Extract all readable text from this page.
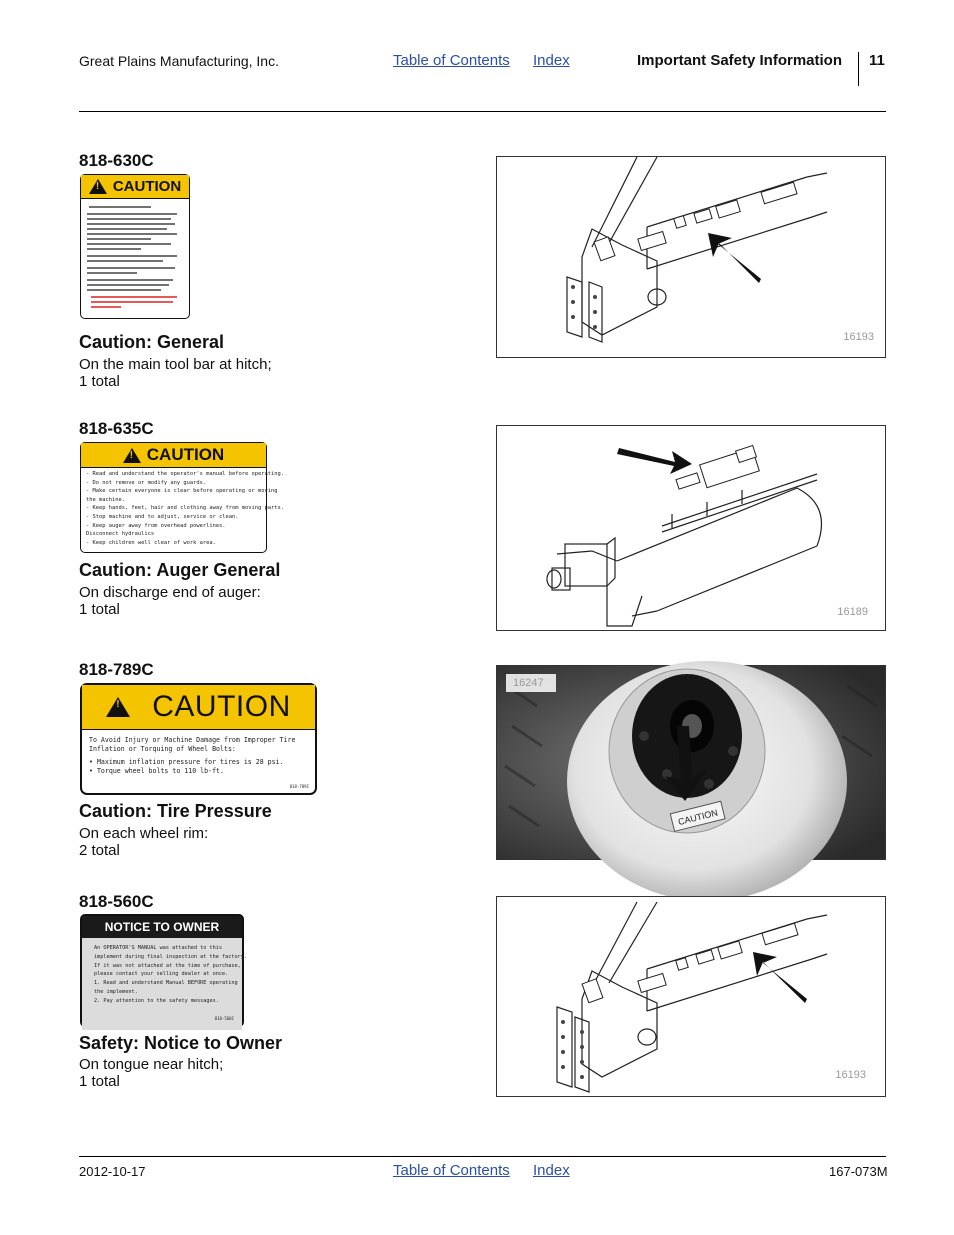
Great Plains Manufacturing, Inc.	Table of Contents Index	Important Safety Information 11
818-630C
!
CAUTION
Caution: General
On the main tool bar at hitch;
1 total
16193
818-635C
!
CAUTION
- Read and understand the operator's manual before operating.
- Do not remove or modify any guards.
- Make certain everyone is clear before operating or moving
the machine.
- Keep hands, feet, hair and clothing away from moving parts.
- Stop machine and to adjust, service or clean.
- Keep auger away from overhead powerlines.
Disconnect hydraulics
- Keep children well clear of work area.
Caution: Auger General
On discharge end of auger:
1 total	16189
818-789C
!
CAUTION
To Avoid Injury or Machine Damage from Improper Tire
Inflation or Torquing of Wheel Bolts:
• Maximum inflation pressure for tires is 28 psi.
• Torque wheel bolts to 110 lb-ft.
818-789C
Caution: Tire Pressure
On each wheel rim:
2 total
CAUTION
16247
818-560C
NOTICE TO OWNER
An OPERATOR'S MANUAL was attached to this
implement during final inspection at the factory.
If it was not attached at the time of purchase,
please contact your selling dealer at once.
1. Read and understand Manual BEFORE operating
the implement.
2. Pay attention to the safety messages.
818-560C
Safety: Notice to Owner
On tongue near hitch;
1 total	16193
2012-10-17	Table of Contents Index	167-073M
